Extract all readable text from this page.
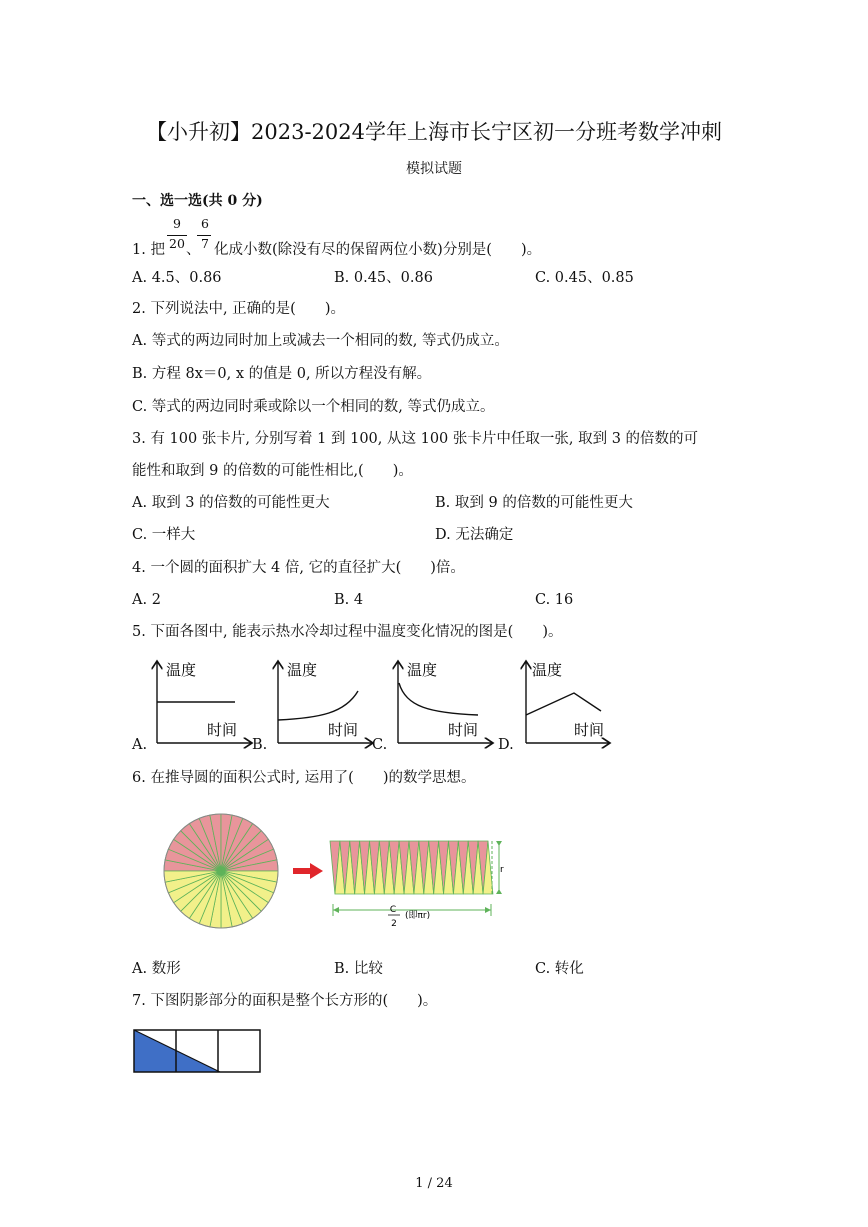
【小升初】2023-2024学年上海市长宁区初一分班考数学冲刺
模拟试题
一、选一选(共 0 分)
1. 把
9
20 、
6
7 化成小数(除没有尽的保留两位小数)分别是(　　)。
A. 4.5、0.86	B. 0.45、0.86	C. 0.45、0.85
2. 下列说法中, 正确的是(　　)。
A. 等式的两边同时加上或减去一个相同的数, 等式仍成立。
B. 方程 8x＝0, x 的值是 0, 所以方程没有解。
C. 等式的两边同时乘或除以一个相同的数, 等式仍成立。
3. 有 100 张卡片, 分别写着 1 到 100, 从这 100 张卡片中任取一张, 取到 3 的倍数的可
能性和取到 9 的倍数的可能性相比,(　　)。
A. 取到 3 的倍数的可能性更大	B. 取到 9 的倍数的可能性更大
C. 一样大	D. 无法确定
4. 一个圆的面积扩大 4 倍, 它的直径扩大(　　)倍。
A. 2	B. 4	C. 16
5. 下面各图中, 能表示热水冷却过程中温度变化情况的图是(　　)。
A.	B.	C.	D.
温度
时间
温度
时间
温度
时间
温度
时间
6. 在推导圆的面积公式时, 运用了(　　)的数学思想。
r
C
2
(即πr)
A. 数形	B. 比较	C. 转化
7. 下图阴影部分的面积是整个长方形的(　　)。
1 / 24
